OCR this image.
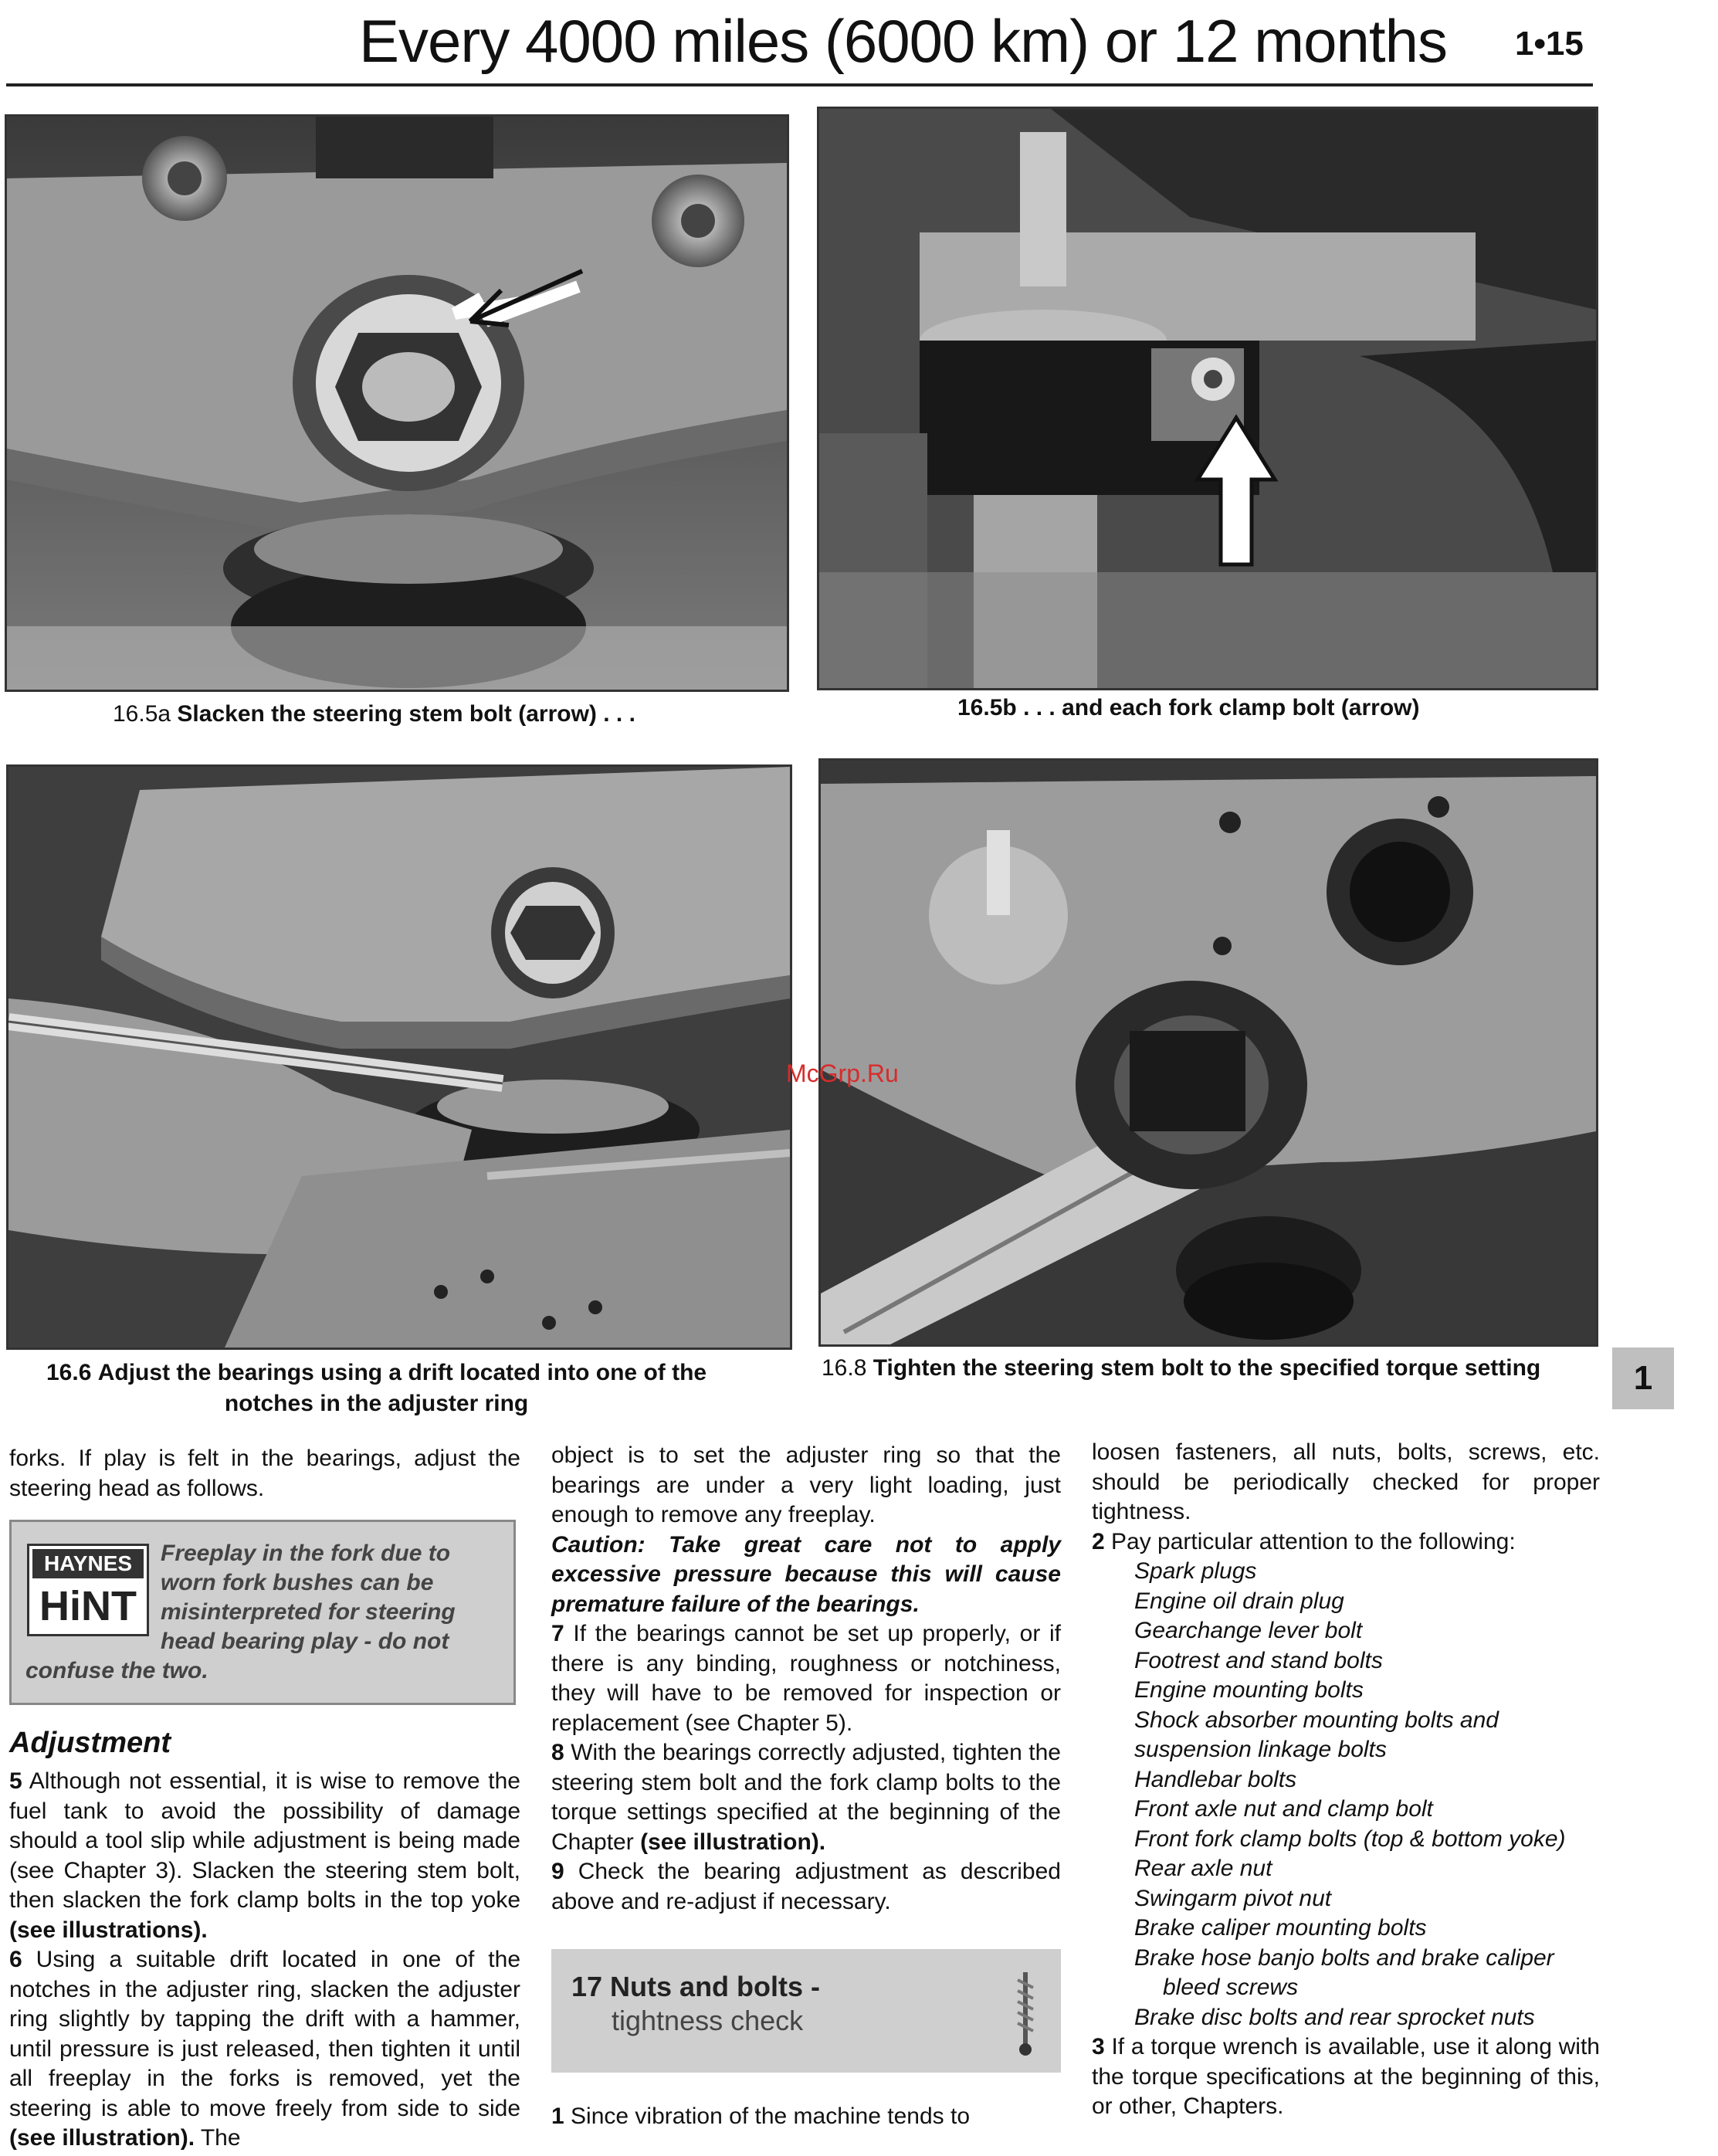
Every 4000 miles (6000 km) or 12 months 1•15
16.5a Slacken the steering stem bolt (arrow) . . .	16.5b . . . and each fork clamp bolt (arrow)
16.6 Adjust the bearings using a drift located into one of the
notches in the adjuster ring
16.8 Tighten the steering stem bolt to the specified torque setting
McGrp.Ru
1

forks. If play is felt in the bearings, adjust the steering head as follows.

Freeplay in the fork due to worn fork bushes can be misinterpreted for steering head bearing play - do not confuse the two.
HAYNES
HiNT
Adjustment

5 Although not essential, it is wise to remove the fuel tank to avoid the possibility of damage should a tool slip while adjustment is being made (see Chapter 3). Slacken the steering stem bolt, then slacken the fork clamp bolts in the top yoke (see illustrations).

6 Using a suitable drift located in one of the notches in the adjuster ring, slacken the adjuster ring slightly by tapping the drift with a hammer, until pressure is just released, then tighten it until all freeplay in the forks is removed, yet the steering is able to move freely from side to side (see illustration). The

object is to set the adjuster ring so that the bearings are under a very light loading, just enough to remove any freeplay.

Caution: Take great care not to apply excessive pressure because this will cause premature failure of the bearings.

7 If the bearings cannot be set up properly, or if there is any binding, roughness or notchiness, they will have to be removed for inspection or replacement (see Chapter 5).

8 With the bearings correctly adjusted, tighten the steering stem bolt and the fork clamp bolts to the torque settings specified at the beginning of the Chapter (see illustration).

9 Check the bearing adjustment as described above and re-adjust if necessary.

17 Nuts and bolts -
tightness check

1 Since vibration of the machine tends to

loosen fasteners, all nuts, bolts, screws, etc. should be periodically checked for proper tightness.

2 Pay particular attention to the following:

Spark plugs
Engine oil drain plug
Gearchange lever bolt
Footrest and stand bolts
Engine mounting bolts
Shock absorber mounting bolts and
suspension linkage bolts
Handlebar bolts
Front axle nut and clamp bolt
Front fork clamp bolts (top & bottom yoke)
Rear axle nut
Swingarm pivot nut
Brake caliper mounting bolts
Brake hose banjo bolts and brake caliper
bleed screws
Brake disc bolts and rear sprocket nuts

3 If a torque wrench is available, use it along with the torque specifications at the beginning of this, or other, Chapters.
